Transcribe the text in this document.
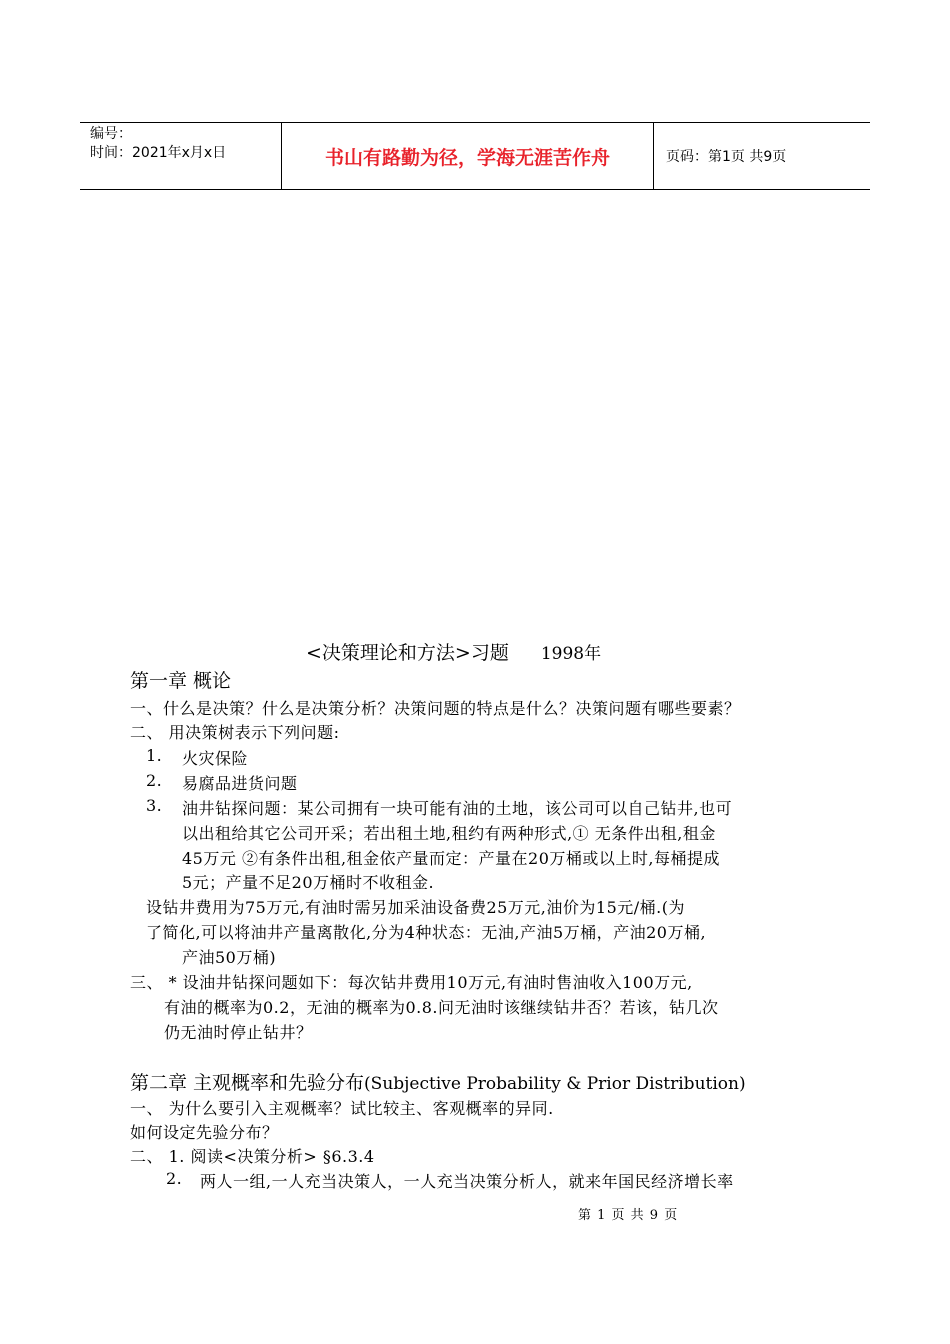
编号：
时间：2021年x月x日	书山有路勤为径，学海无涯苦作舟	页码：第1页 共9页
<决策理论和方法>习题 1998年
第一章 概论
一、什么是决策？什么是决策分析？决策问题的特点是什么？决策问题有哪些要素？
二、 用决策树表示下列问题:
1. 火灾保险
2. 易腐品进货问题
3. 油井钻探问题：某公司拥有一块可能有油的土地，该公司可以自己钻井,也可
以出租给其它公司开采；若出租土地,租约有两种形式,① 无条件出租,租金
45万元 ②有条件出租,租金依产量而定：产量在20万桶或以上时,每桶提成
5元；产量不足20万桶时不收租金.
设钻井费用为75万元,有油时需另加采油设备费25万元,油价为15元/桶.(为
了简化,可以将油井产量离散化,分为4种状态：无油,产油5万桶，产油20万桶,
产油50万桶)
三、 * 设油井钻探问题如下：每次钻井费用10万元,有油时售油收入100万元,
有油的概率为0.2，无油的概率为0.8.问无油时该继续钻井否？若该，钻几次
仍无油时停止钻井？
第二章 主观概率和先验分布(Subjective Probability & Prior Distribution)
一、 为什么要引入主观概率？试比较主、客观概率的异同.
如何设定先验分布？
二、 1. 阅读<决策分析> §6.3.4
2. 两人一组,一人充当决策人，一人充当决策分析人，就来年国民经济增长率
第 1 页 共 9 页
